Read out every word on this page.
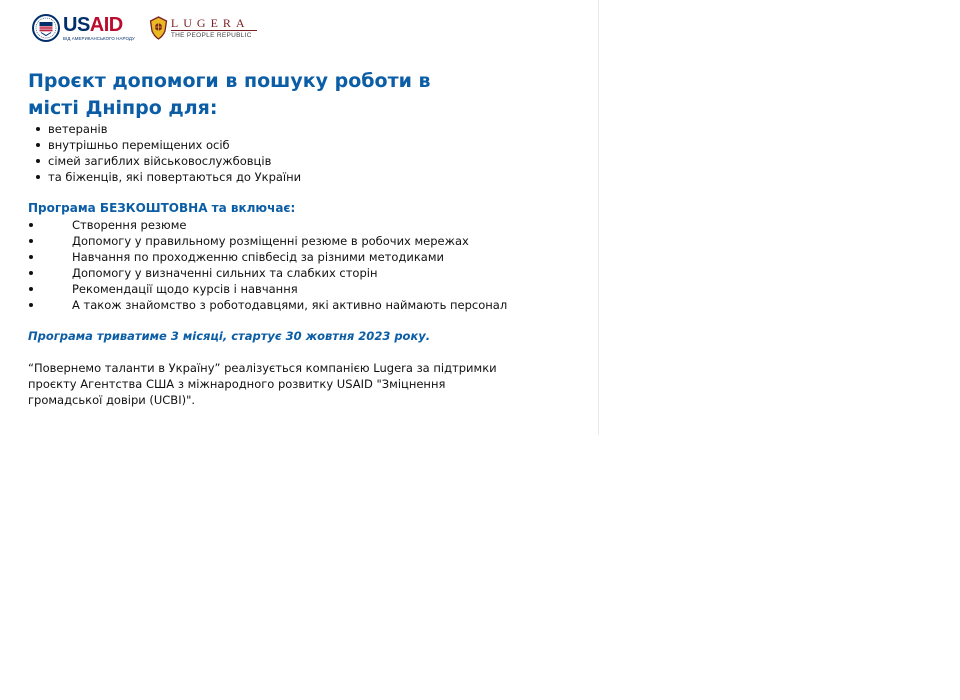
USAID
ВІД АМЕРИКАНСЬКОГО НАРОДУ
LUGERA
THE PEOPLE REPUBLIC
Проєкт допомоги в пошуку роботи в місті Дніпро для:
ветеранів
внутрішньо переміщених осіб
сімей загиблих військовослужбовців
та біженців, які повертаються до України
Програма БЕЗКОШТОВНА та включає:
Створення резюме
Допомогу у правильному розміщенні резюме в робочих мережах
Навчання по проходженню співбесід за різними методиками
Допомогу у визначенні сильних та слабких сторін
Рекомендації щодо курсів і навчання
А також знайомство з роботодавцями, які активно наймають персонал

Програма триватиме 3 місяці, стартує 30 жовтня 2023 року.

“Повернемо таланти в Україну” реалізується компанією Lugera за підтримки проєкту Агентства США з міжнародного розвитку USAID "Зміцнення громадської довіри (UCBI)".
